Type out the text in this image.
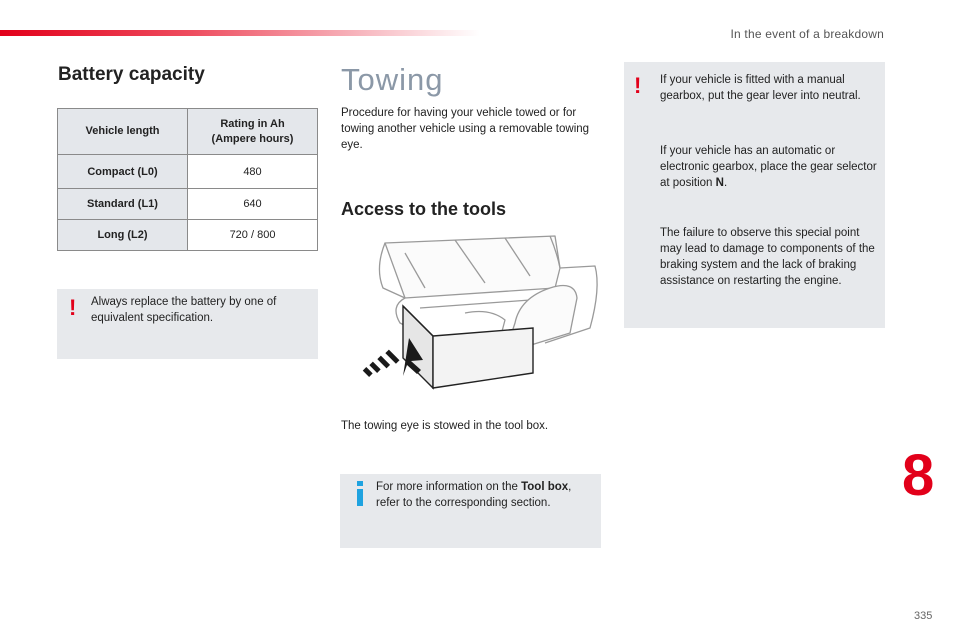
In the event of a breakdown
Battery capacity
Vehicle length	Rating in Ah
(Ampere hours)
Compact (L0)	480
Standard (L1)	640
Long (L2)	720 / 800
! Always replace the battery by one of equivalent specification.
Towing
Procedure for having your vehicle towed or for towing another vehicle using a removable towing eye.
Access to the tools
The towing eye is stowed in the tool box.
For more information on the Tool box, refer to the corresponding section.
! If your vehicle is fitted with a manual gearbox, put the gear lever into neutral.
If your vehicle has an automatic or electronic gearbox, place the gear selector at position N.
The failure to observe this special point may lead to damage to components of the braking system and the lack of braking assistance on restarting the engine.
8
335
